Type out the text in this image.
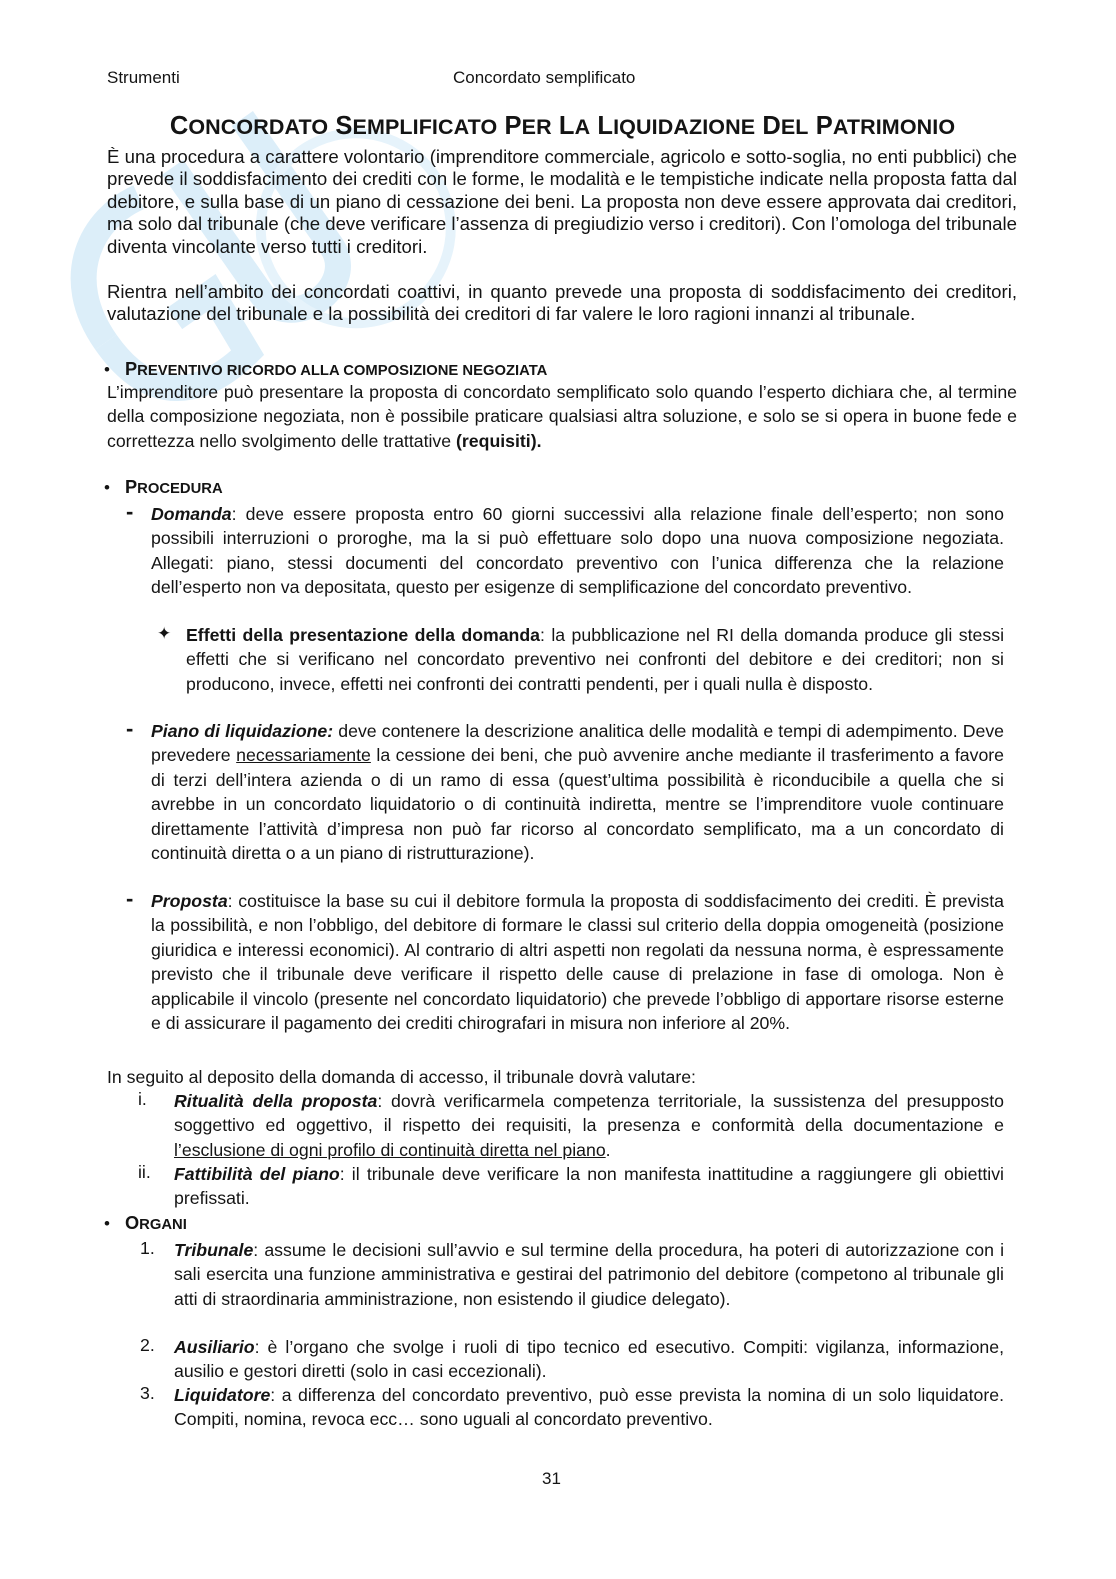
Strumenti	Concordato semplificato
CONCORDATO SEMPLIFICATO PER LA LIQUIDAZIONE DEL PATRIMONIO

È una procedura a carattere volontario (imprenditore commerciale, agricolo e sotto-soglia, no enti pubblici) che prevede il soddisfacimento dei crediti con le forme, le modalità e le tempistiche indicate nella proposta fatta dal debitore, e sulla base di un piano di cessazione dei beni. La proposta non deve essere approvata dai creditori, ma solo dal tribunale (che deve verificare l’assenza di pregiudizio verso i creditori). Con l’omologa del tribunale diventa vincolante verso tutti i creditori.

Rientra nell’ambito dei concordati coattivi, in quanto prevede una proposta di soddisfacimento dei creditori, valutazione del tribunale e la possibilità dei creditori di far valere le loro ragioni innanzi al tribunale.

• PREVENTIVO RICORDO ALLA COMPOSIZIONE NEGOZIATA

L’imprenditore può presentare la proposta di concordato semplificato solo quando l’esperto dichiara che, al termine della composizione negoziata, non è possibile praticare qualsiasi altra soluzione, e solo se si opera in buone fede e correttezza nello svolgimento delle trattative (requisiti).

• PROCEDURA
- Domanda: deve essere proposta entro 60 giorni successivi alla relazione finale dell’esperto; non sono possibili interruzioni o proroghe, ma la si può effettuare solo dopo una nuova composizione negoziata. Allegati: piano, stessi documenti del concordato preventivo con l’unica differenza che la relazione dell’esperto non va depositata, questo per esigenze di semplificazione del concordato preventivo.

✦ Effetti della presentazione della domanda: la pubblicazione nel RI della domanda produce gli stessi effetti che si verificano nel concordato preventivo nei confronti del debitore e dei creditori; non si producono, invece, effetti nei confronti dei contratti pendenti, per i quali nulla è disposto.

- Piano di liquidazione: deve contenere la descrizione analitica delle modalità e tempi di adempimento. Deve prevedere necessariamente la cessione dei beni, che può avvenire anche mediante il trasferimento a favore di terzi dell’intera azienda o di un ramo di essa (quest’ultima possibilità è riconducibile a quella che si avrebbe in un concordato liquidatorio o di continuità indiretta, mentre se l’imprenditore vuole continuare direttamente l’attività d’impresa non può far ricorso al concordato semplificato, ma a un concordato di continuità diretta o a un piano di ristrutturazione).

- Proposta: costituisce la base su cui il debitore formula la proposta di soddisfacimento dei crediti. È prevista la possibilità, e non l’obbligo, del debitore di formare le classi sul criterio della doppia omogeneità (posizione giuridica e interessi economici). Al contrario di altri aspetti non regolati da nessuna norma, è espressamente previsto che il tribunale deve verificare il rispetto delle cause di prelazione in fase di omologa. Non è applicabile il vincolo (presente nel concordato liquidatorio) che prevede l’obbligo di apportare risorse esterne e di assicurare il pagamento dei crediti chirografari in misura non inferiore al 20%.

In seguito al deposito della domanda di accesso, il tribunale dovrà valutare:

i. Ritualità della proposta: dovrà verificarmela competenza territoriale, la sussistenza del presupposto soggettivo ed oggettivo, il rispetto dei requisiti, la presenza e conformità della documentazione e l’esclusione di ogni profilo di continuità diretta nel piano.

ii. Fattibilità del piano: il tribunale deve verificare la non manifesta inattitudine a raggiungere gli obiettivi prefissati.

• ORGANI
1. Tribunale: assume le decisioni sull’avvio e sul termine della procedura, ha poteri di autorizzazione con i sali esercita una funzione amministrativa e gestirai del patrimonio del debitore (competono al tribunale gli atti di straordinaria amministrazione, non esistendo il giudice delegato).

2. Ausiliario: è l’organo che svolge i ruoli di tipo tecnico ed esecutivo. Compiti: vigilanza, informazione, ausilio e gestori diretti (solo in casi eccezionali).

3. Liquidatore: a differenza del concordato preventivo, può esse prevista la nomina di un solo liquidatore. Compiti, nomina, revoca ecc… sono uguali al concordato preventivo.

31
